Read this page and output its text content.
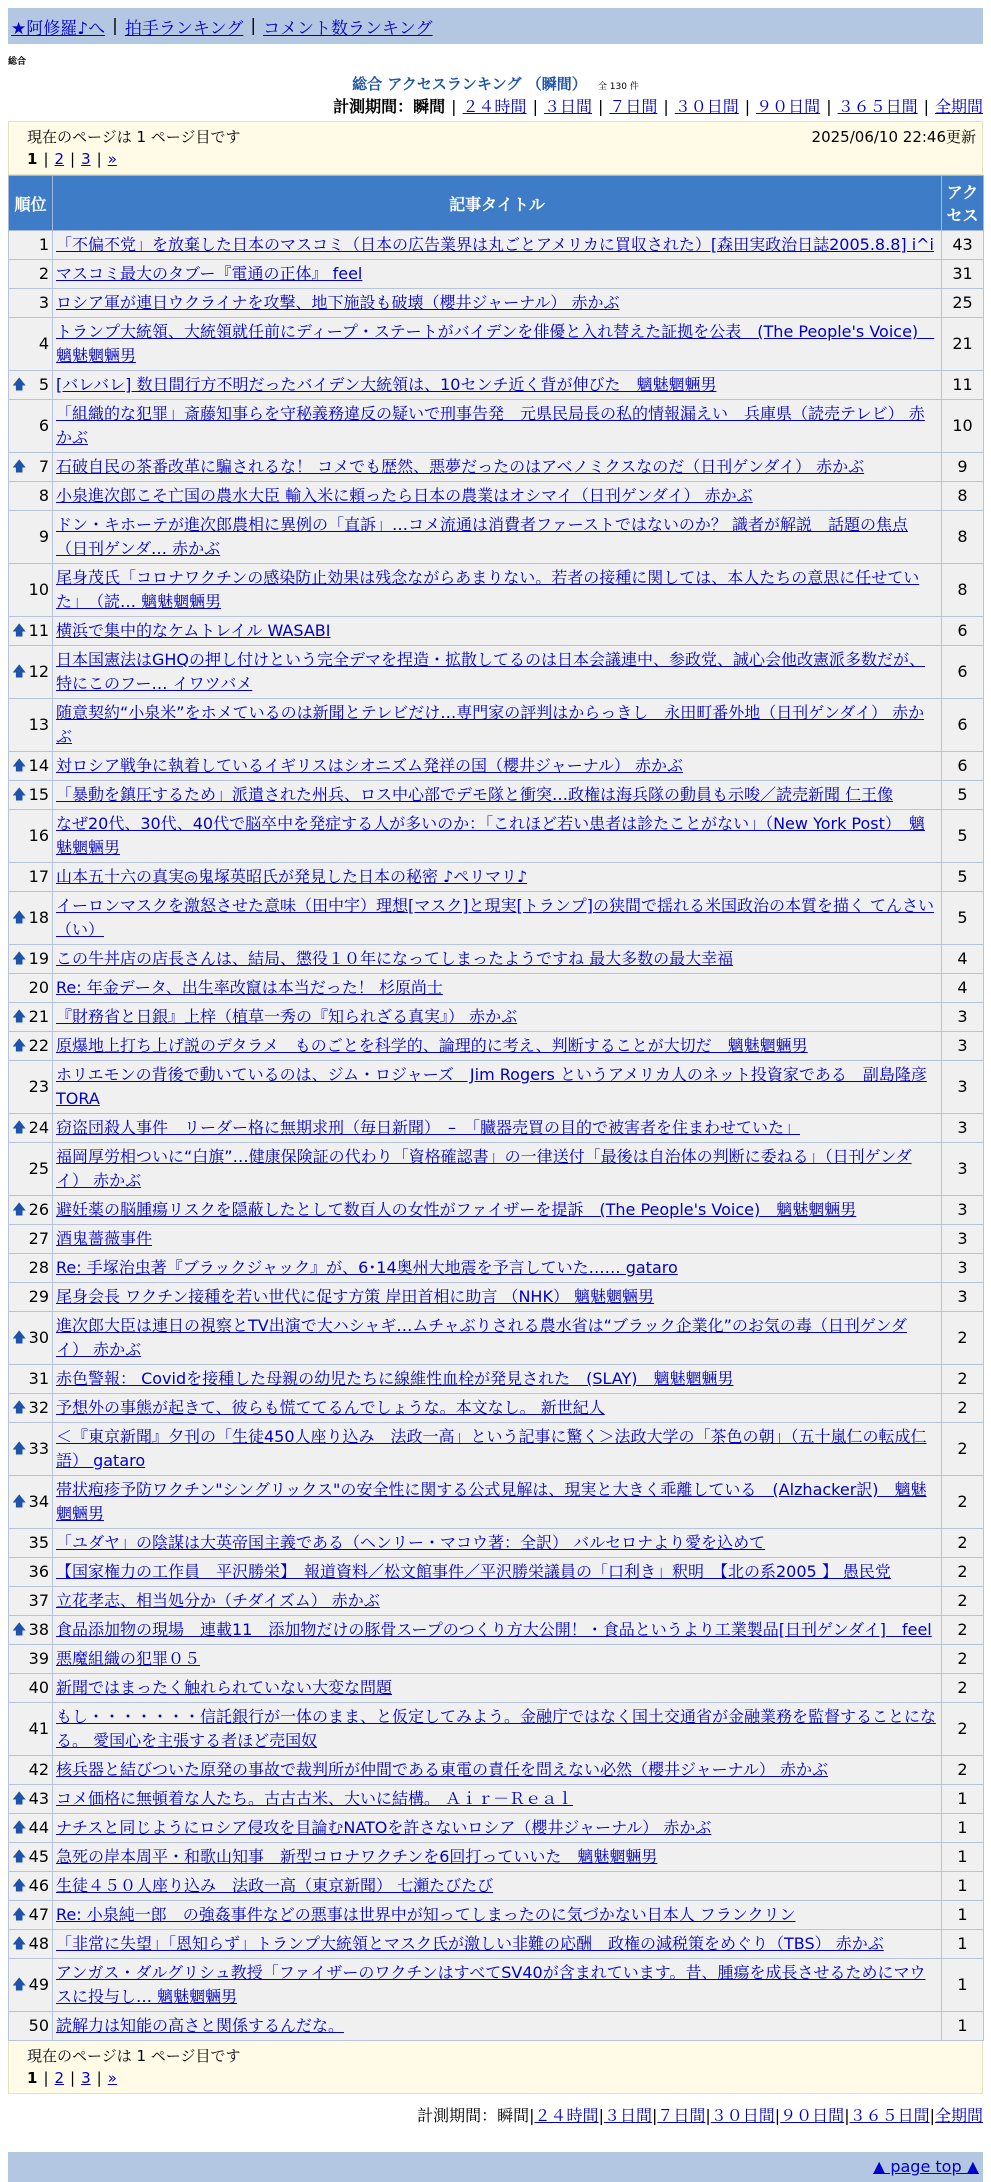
★阿修羅♪へ | 拍手ランキング | コメント数ランキング
総合
総合 アクセスランキング （瞬間） 全 130 件
計測期間：瞬間 | ２４時間 | ３日間 | ７日間 | ３０日間 | ９０日間 | ３６５日間 | 全期間
現在のページは 1 ページ目です	2025/06/10 22:46更新
1 | 2 | 3 | »
順位	記事タイトル	アクセス
1	「不偏不党」を放棄した日本のマスコミ（日本の広告業界は丸ごとアメリカに買収された）[森田実政治日誌2005.8.8] i^i	43
2	マスコミ最大のタブー『電通の正体』 feel	31
3	ロシア軍が連日ウクライナを攻撃、地下施設も破壊（櫻井ジャーナル） 赤かぶ	25
4	トランプ大統領、大統領就任前にディープ・ステートがバイデンを俳優と入れ替えた証拠を公表　(The People's Voice)　魑魅魍魎男	21

🡅 5	[バレバレ] 数日間行方不明だったバイデン大統領は、10センチ近く背が伸びた　魑魅魍魎男	11
6	「組織的な犯罪」斎藤知事らを守秘義務違反の疑いで刑事告発　元県民局長の私的情報漏えい　兵庫県（読売テレビ） 赤かぶ	10

🡅 7	石破自民の茶番改革に騙されるな！ コメでも歴然、悪夢だったのはアベノミクスなのだ（日刊ゲンダイ） 赤かぶ	9
8	小泉進次郎こそ亡国の農水大臣 輸入米に頼ったら日本の農業はオシマイ（日刊ゲンダイ） 赤かぶ	8
9	ドン・キホーテが進次郎農相に異例の「直訴」…コメ流通は消費者ファーストではないのか？ 識者が解説　話題の焦点（日刊ゲンダ… 赤かぶ	8
10	尾身茂氏「コロナワクチンの感染防止効果は残念ながらあまりない。若者の接種に関しては、本人たちの意思に任せていた」　（読… 魑魅魍魎男	8

🡅 11	横浜で集中的なケムトレイル WASABI	6

🡅 12	日本国憲法はGHQの押し付けという完全デマを捏造・拡散してるのは日本会議連中、参政党、誠心会他改憲派多数だが、特にこのフー… イワツバメ	6
13	随意契約“小泉米”をホメているのは新聞とテレビだけ…専門家の評判はからっきし　永田町番外地（日刊ゲンダイ） 赤かぶ	6

🡅 14	対ロシア戦争に執着しているイギリスはシオニズム発祥の国（櫻井ジャーナル） 赤かぶ	6

🡅 15	「暴動を鎮圧するため」派遣された州兵、ロス中心部でデモ隊と衝突…政権は海兵隊の動員も示唆／読売新聞 仁王像	5
16	なぜ20代、30代、40代で脳卒中を発症する人が多いのか：「これほど若い患者は診たことがない」（New York Post）　魑魅魍魎男	5
17	山本五十六の真実◎鬼塚英昭氏が発見した日本の秘密 ♪ペリマリ♪	5

🡅 18	イーロンマスクを激怒させた意味（田中宇）理想[マスク]と現実[トランプ]の狭間で揺れる米国政治の本質を描く てんさい（い）	5

🡅 19	この牛丼店の店長さんは、結局、懲役１０年になってしまったようですね 最大多数の最大幸福	4
20	Re: 年金データ、出生率改竄は本当だった！ 杉原尚士	4

🡅 21	『財務省と日銀』上梓（植草一秀の『知られざる真実』） 赤かぶ	3

🡅 22	原爆地上打ち上げ説のデタラメ　ものごとを科学的、論理的に考え、判断することが大切だ　魑魅魍魎男	3
23	ホリエモンの背後で動いているのは、ジム・ロジャーズ　Jim Rogers というアメリカ人のネット投資家である　副島隆彦 TORA	3

🡅 24	窃盗団殺人事件　リーダー格に無期求刑（毎日新聞）　–　「臓器売買の目的で被害者を住まわせていた」	3
25	福岡厚労相ついに“白旗”…健康保険証の代わり「資格確認書」の一律送付「最後は自治体の判断に委ねる」（日刊ゲンダイ） 赤かぶ	3

🡅 26	避妊薬の脳腫瘍リスクを隠蔽したとして数百人の女性がファイザーを提訴　(The People's Voice)　魑魅魍魎男	3
27	酒鬼薔薇事件	3
28	Re: 手塚治虫著『ブラックジャック』が、6･14奥州大地震を予言していた…… gataro	3
29	尾身会長 ワクチン接種を若い世代に促す方策 岸田首相に助言 （NHK） 魑魅魍魎男	3

🡅 30	進次郎大臣は連日の視察とTV出演で大ハシャギ…ムチャぶりされる農水省は“ブラック企業化”のお気の毒（日刊ゲンダイ） 赤かぶ	2
31	赤色警報： Covidを接種した母親の幼児たちに線維性血栓が発見された　(SLAY)　魑魅魍魎男	2

🡅 32	予想外の事態が起きて、彼らも慌ててるんでしょうな。本文なし。 新世紀人	2

🡅 33	＜『東京新聞』夕刊の「生徒450人座り込み　法政一高」という記事に驚く＞法政大学の「茶色の朝」（五十嵐仁の転成仁語） gataro	2

🡅 34	帯状疱疹予防ワクチン"シングリックス"の安全性に関する公式見解は、現実と大きく乖離している　(Alzhacker訳)　魑魅魍魎男	2
35	「ユダヤ」の陰謀は大英帝国主義である（ヘンリー・マコウ著：全訳） バルセロナより愛を込めて	2
36	【国家権力の工作員　平沢勝栄】　報道資料／松文館事件／平沢勝栄議員の「口利き」釈明　【北の系2005 】 愚民党	2
37	立花孝志、相当処分か（チダイズム） 赤かぶ	2

🡅 38	食品添加物の現場　連載11　添加物だけの豚骨スープのつくり方大公開！・食品というより工業製品[日刊ゲンダイ]　feel	2
39	悪魔組織の犯罪０５	2
40	新聞ではまったく触れられていない大変な問題	2
41	もし・・・・・・・信託銀行が一体のまま、と仮定してみよう。金融庁ではなく国土交通省が金融業務を監督することになる。 愛国心を主張する者ほど売国奴	2
42	核兵器と結びついた原発の事故で裁判所が仲間である東電の責任を問えない必然（櫻井ジャーナル） 赤かぶ	2

🡅 43	コメ価格に無頓着な人たち。古古古米、大いに結構。 Ａｉｒ－Ｒｅａｌ	1

🡅 44	ナチスと同じようにロシア侵攻を目論むNATOを許さないロシア（櫻井ジャーナル） 赤かぶ	1

🡅 45	急死の岸本周平・和歌山知事　新型コロナワクチンを6回打っていいた　魑魅魍魎男	1

🡅 46	生徒４５０人座り込み　法政一高（東京新聞） 七瀬たびたび	1

🡅 47	Re: 小泉純一郎　の強姦事件などの悪事は世界中が知ってしまったのに気づかない日本人 フランクリン	1

🡅 48	「非常に失望」「恩知らず」トランプ大統領とマスク氏が激しい非難の応酬　政権の減税策をめぐり（TBS） 赤かぶ	1

🡅 49	アンガス・ダルグリシュ教授「ファイザーのワクチンはすべてSV40が含まれています。昔、腫瘍を成長させるためにマウスに投与し… 魑魅魍魎男	1
50	読解力は知能の高さと関係するんだな。	1
現在のページは 1 ページ目です
1 | 2 | 3 | »
計測期間：瞬間|２４時間|３日間|７日間|３０日間|９０日間|３６５日間|全期間
▲ page top ▲
